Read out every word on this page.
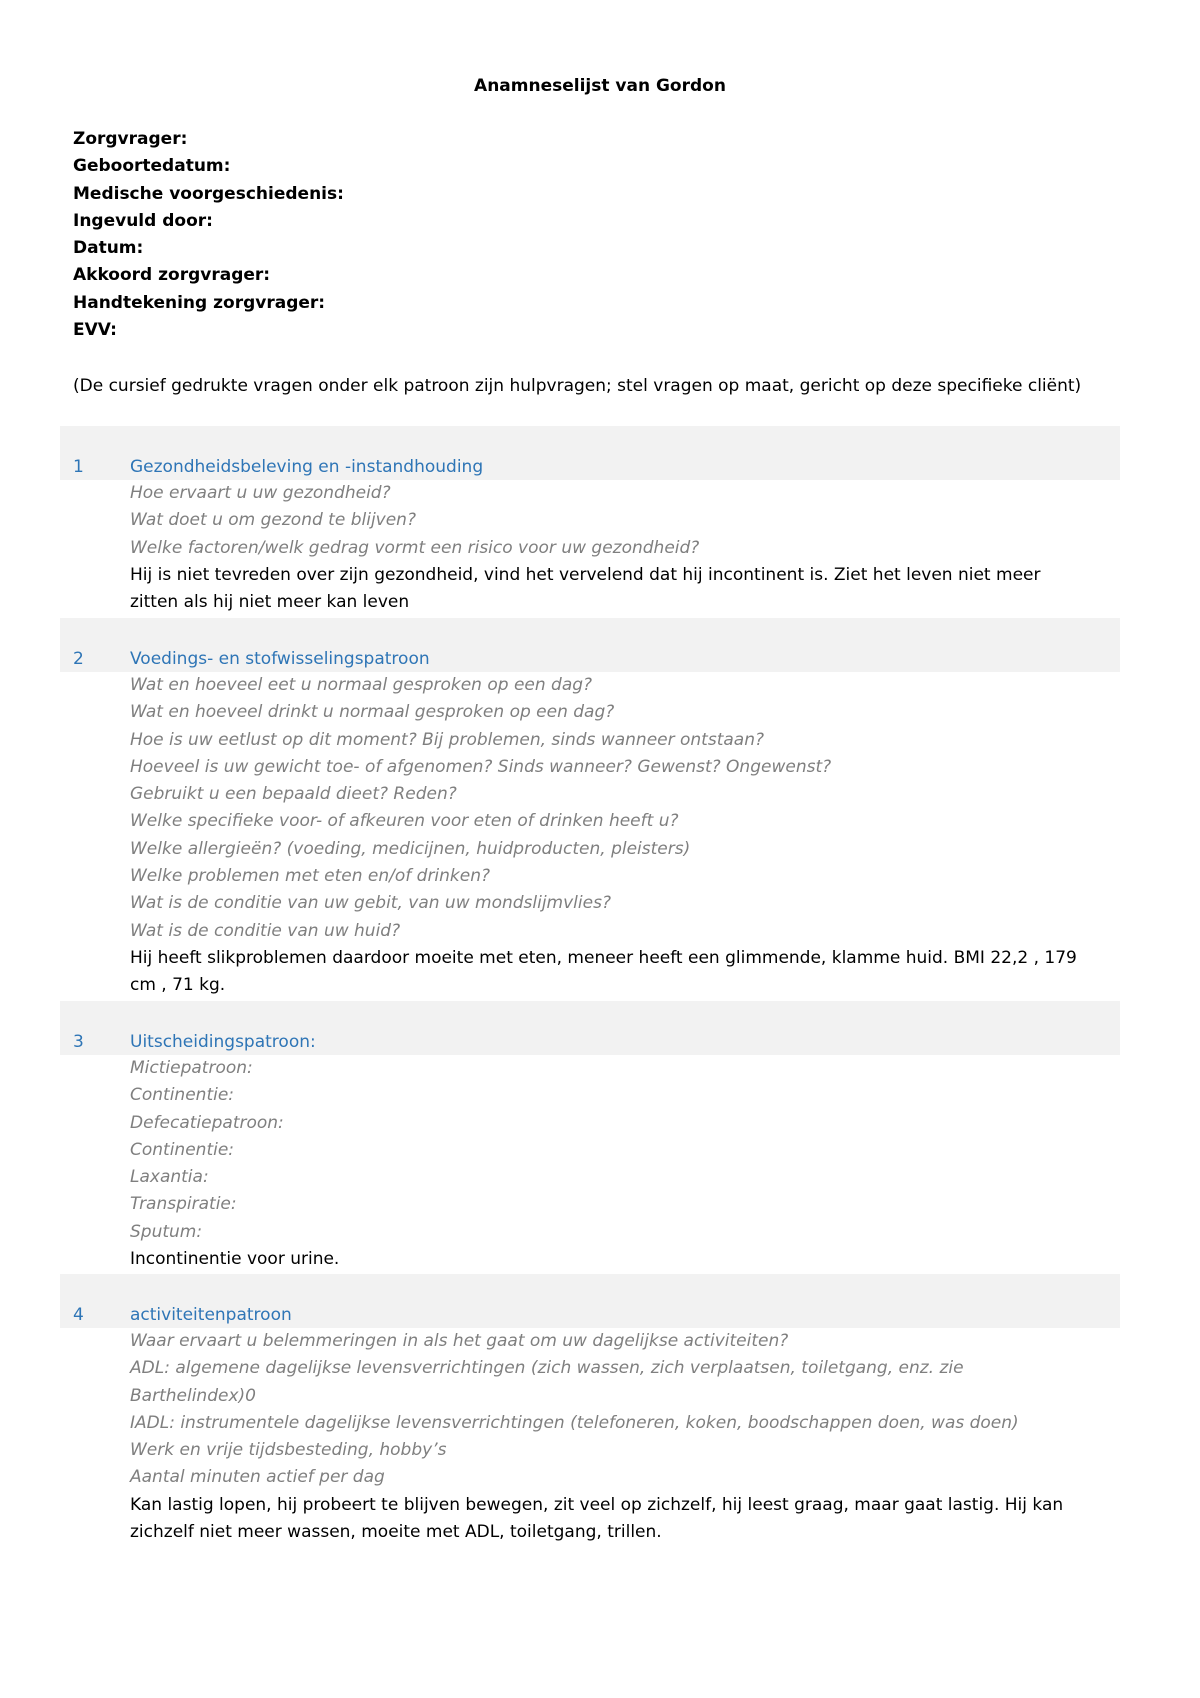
Anamneselijst van Gordon
Zorgvrager:
Geboortedatum:
Medische voorgeschiedenis:
Ingevuld door:
Datum:
Akkoord zorgvrager:
Handtekening zorgvrager:
EVV:
(De cursief gedrukte vragen onder elk patroon zijn hulpvragen; stel vragen op maat, gericht op deze specifieke cliënt)
1	Gezondheidsbeleving en -instandhouding
Hoe ervaart u uw gezondheid?
Wat doet u om gezond te blijven?
Welke factoren/welk gedrag vormt een risico voor uw gezondheid?
Hij is niet tevreden over zijn gezondheid, vind het vervelend dat hij incontinent is. Ziet het leven niet meer zitten als hij niet meer kan leven
2	Voedings- en stofwisselingspatroon
Wat en hoeveel eet u normaal gesproken op een dag?
Wat en hoeveel drinkt u normaal gesproken op een dag?
Hoe is uw eetlust op dit moment? Bij problemen, sinds wanneer ontstaan?
Hoeveel is uw gewicht toe- of afgenomen? Sinds wanneer? Gewenst? Ongewenst?
Gebruikt u een bepaald dieet? Reden?
Welke specifieke voor- of afkeuren voor eten of drinken heeft u?
Welke allergieën? (voeding, medicijnen, huidproducten, pleisters)
Welke problemen met eten en/of drinken?
Wat is de conditie van uw gebit, van uw mondslijmvlies?
Wat is de conditie van uw huid?
Hij heeft slikproblemen daardoor moeite met eten, meneer heeft een glimmende, klamme huid. BMI 22,2 , 179 cm , 71 kg.
3	Uitscheidingspatroon:
Mictiepatroon:
Continentie:
Defecatiepatroon:
Continentie:
Laxantia:
Transpiratie:
Sputum:
Incontinentie voor urine.
4	activiteitenpatroon
Waar ervaart u belemmeringen in als het gaat om uw dagelijkse activiteiten?
ADL: algemene dagelijkse levensverrichtingen (zich wassen, zich verplaatsen, toiletgang, enz. zie Barthelindex)0
IADL: instrumentele dagelijkse levensverrichtingen (telefoneren, koken, boodschappen doen, was doen)
Werk en vrije tijdsbesteding, hobby’s
Aantal minuten actief per dag
Kan lastig lopen, hij probeert te blijven bewegen, zit veel op zichzelf, hij leest graag, maar gaat lastig. Hij kan zichzelf niet meer wassen, moeite met ADL, toiletgang, trillen.
